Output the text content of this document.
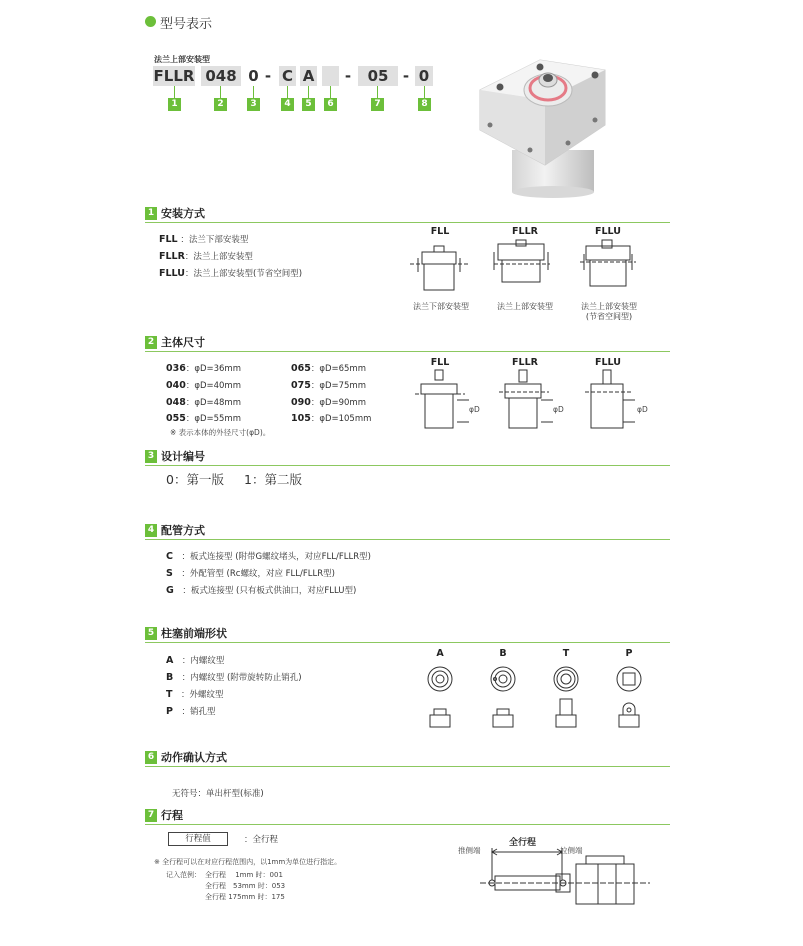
型号表示
法兰上部安装型
FLLR 048 0 - C A -	05 - 0
1	2	3	4	5	6	7	8
1 安装方式
FLL ：法兰下部安装型
FLLR：法兰上部安装型
FLLU：法兰上部安装型(节省空间型)
FLL	FLLR	FLLU
法兰下部安装型	法兰上部安装型	法兰上部安装型
(节省空间型)
2 主体尺寸
036：φD=36mm
040：φD=40mm
048：φD=48mm
055：φD=55mm
065：φD=65mm
075：φD=75mm
090：φD=90mm
105：φD=105mm
※ 表示本体的外径尺寸(φD)。
FLL	FLLR	FLLU
φD	φD	φD
3 设计编号
0：第一版 1：第二版
4 配管方式
C　 ：板式连接型 (附带G螺纹堵头，对应FLL/FLLR型)
S　 ：外配管型 (Rc螺纹，对应 FLL/FLLR型)
G　 ：板式连接型 (只有板式供油口，对应FLLU型)
5 柱塞前端形状
A　 ：内螺纹型
B　 ：内螺纹型 (附带旋转防止销孔)
T　 ：外螺纹型
P　 ：销孔型
A	B	T	P
6 动作确认方式
无符号：单出杆型(标准)
7 行程
行程值	：全行程
※ 全行程可以在对应行程范围内，以1mm为单位进行指定。
记入范例： 全行程　 1mm 时：001
全行程　53mm 时：053
全行程 175mm 时：175
全行程
推侧端	拉侧端
